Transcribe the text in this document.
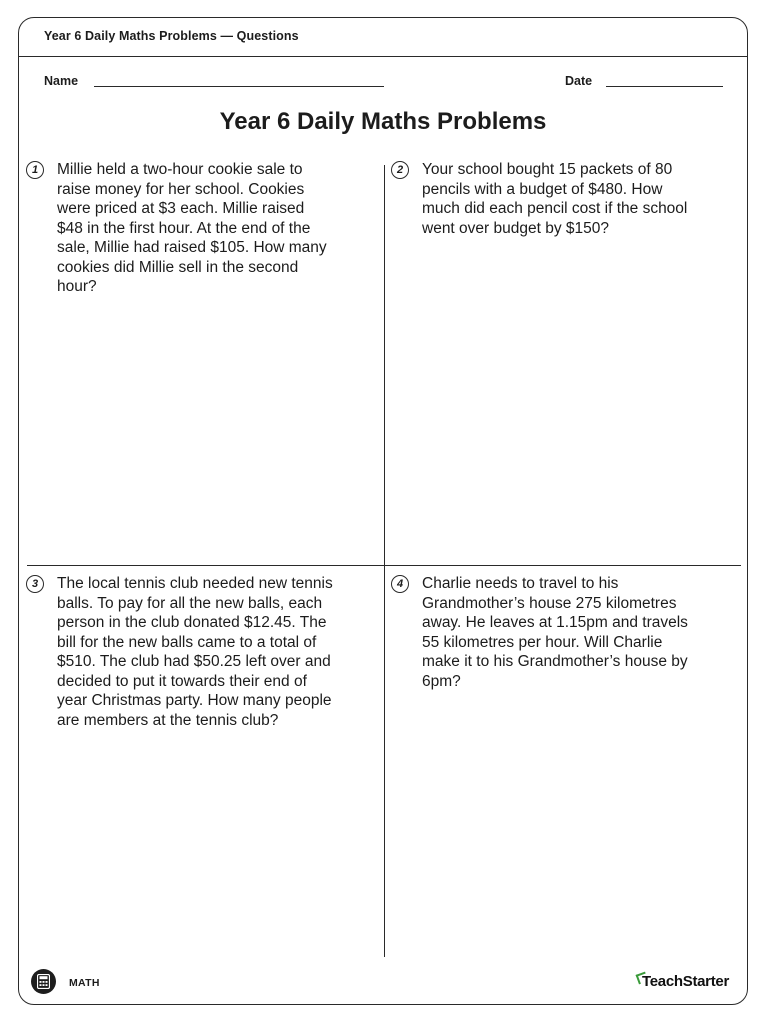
Year 6 Daily Maths Problems — Questions
Name	Date
Year 6 Daily Maths Problems
1	Millie held a two-hour cookie sale to
raise money for her school. Cookies
were priced at $3 each. Millie raised
$48 in the first hour. At the end of the
sale, Millie had raised $105. How many
cookies did Millie sell in the second
hour?

2	Your school bought 15 packets of 80
pencils with a budget of $480. How
much did each pencil cost if the school
went over budget by $150?

3	The local tennis club needed new tennis
balls. To pay for all the new balls, each
person in the club donated $12.45. The
bill for the new balls came to a total of
$510. The club had $50.25 left over and
decided to put it towards their end of
year Christmas party. How many people
are members at the tennis club?

4	Charlie needs to travel to his
Grandmother’s house 275 kilometres
away. He leaves at 1.15pm and travels
55 kilometres per hour. Will Charlie
make it to his Grandmother’s house by
6pm?

MATH	TeachStarter
